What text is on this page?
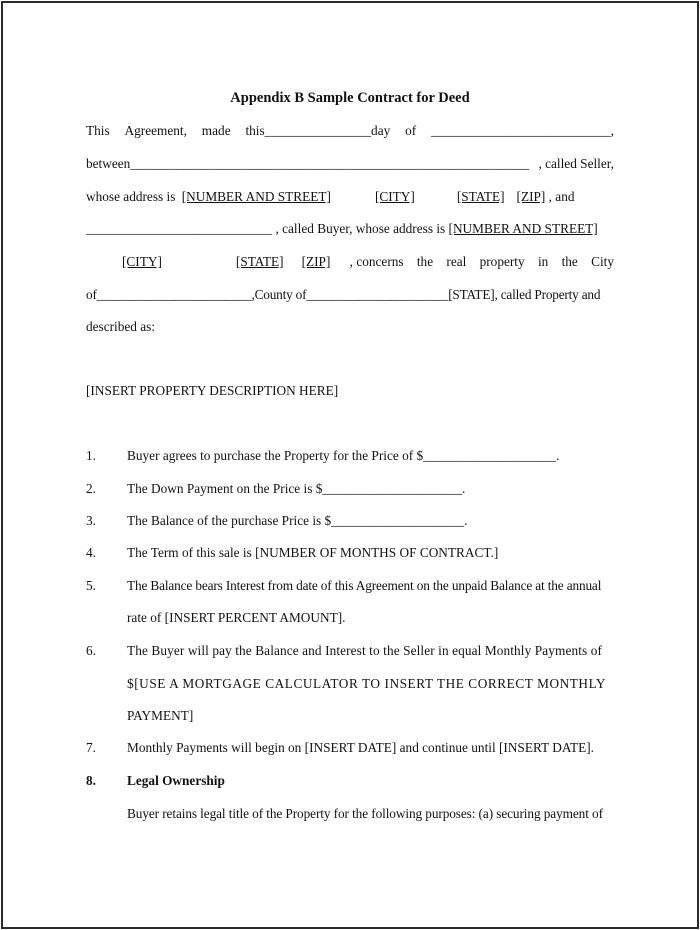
Appendix B Sample Contract for Deed
This Agreement, made this________________day of ___________________________,
between____________________________________________________________ , called Seller,
whose address is [NUMBER AND STREET]	[CITY]	[STATE] [ZIP] , and
____________________________ , called Buyer, whose address is [NUMBER AND STREET]
[CITY]	[STATE] [ZIP]	, concerns the real property in the City
of________________________,County of______________________[STATE], called Property and
described as:
[INSERT PROPERTY DESCRIPTION HERE]
1. Buyer agrees to purchase the Property for the Price of $____________________.
2. The Down Payment on the Price is $_____________________.
3. The Balance of the purchase Price is $____________________.
4. The Term of this sale is [NUMBER OF MONTHS OF CONTRACT.]
5. The Balance bears Interest from date of this Agreement on the unpaid Balance at the annual
rate of [INSERT PERCENT AMOUNT].
6. The Buyer will pay the Balance and Interest to the Seller in equal Monthly Payments of
$[USE A MORTGAGE CALCULATOR TO INSERT THE CORRECT MONTHLY
PAYMENT]
7. Monthly Payments will begin on [INSERT DATE] and continue until [INSERT DATE].
8. Legal Ownership
Buyer retains legal title of the Property for the following purposes: (a) securing payment of
